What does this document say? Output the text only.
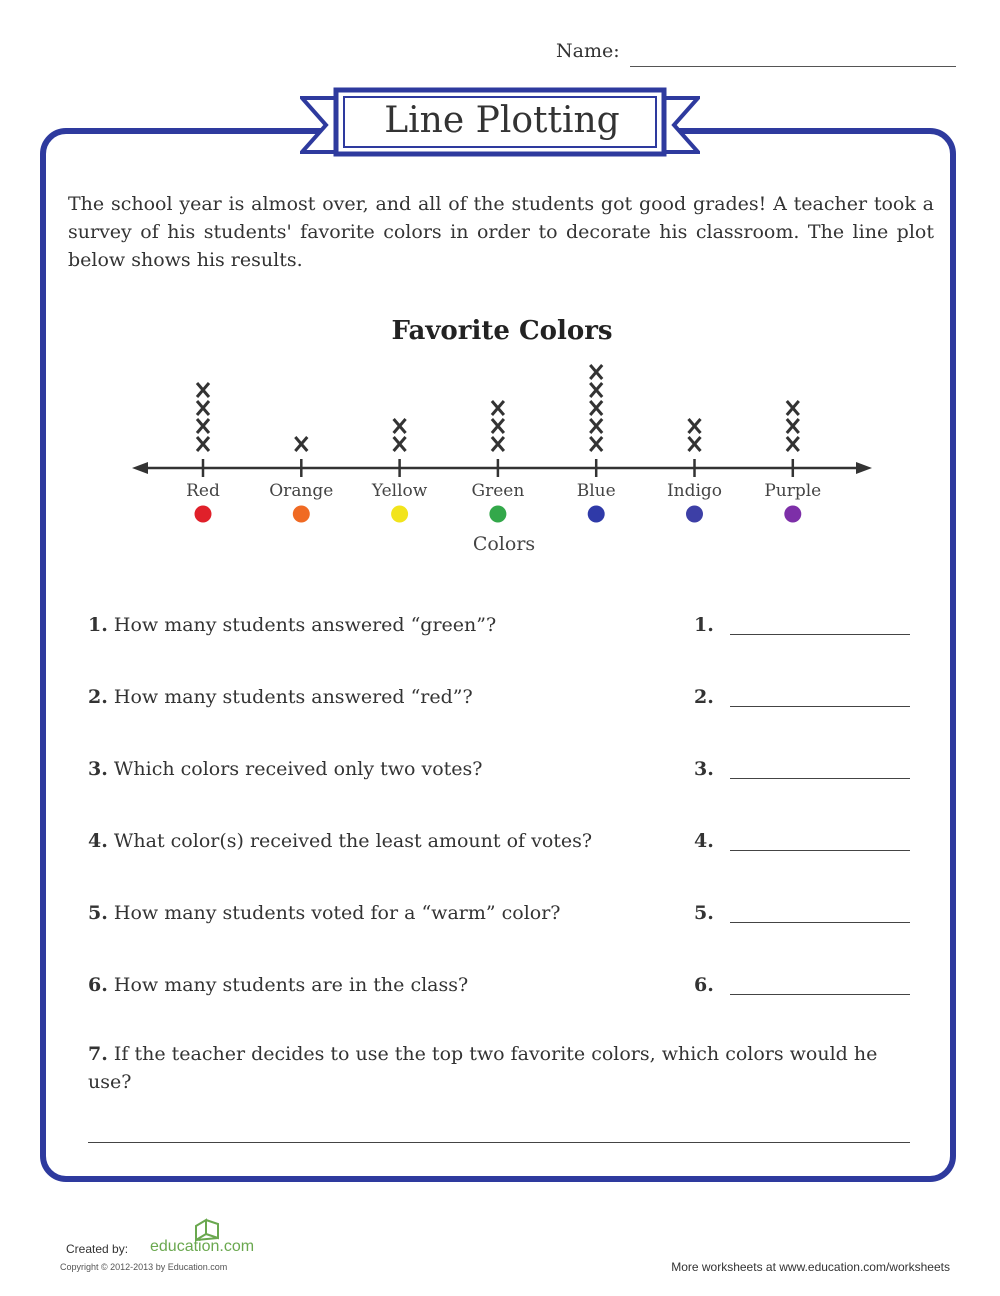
Name:
Line Plotting
The school year is almost over, and all of the students got good grades! A teacher took a survey of his students' favorite colors in order to decorate his classroom. The line plot below shows his results.
Favorite Colors
Red	Orange Yellow	Green	Blue	Indigo Purple
Colors
1. How many students answered “green”?	1.
2. How many students answered “red”?	2.
3. Which colors received only two votes?	3.
4. What color(s) received the least amount of votes?	4.
5. How many students voted for a “warm” color?	5.
6. How many students are in the class?	6.
7. If the teacher decides to use the top two favorite colors, which colors would he use?
Created by: education.com
Copyright © 2012-2013 by Education.com	More worksheets at www.education.com/worksheets
